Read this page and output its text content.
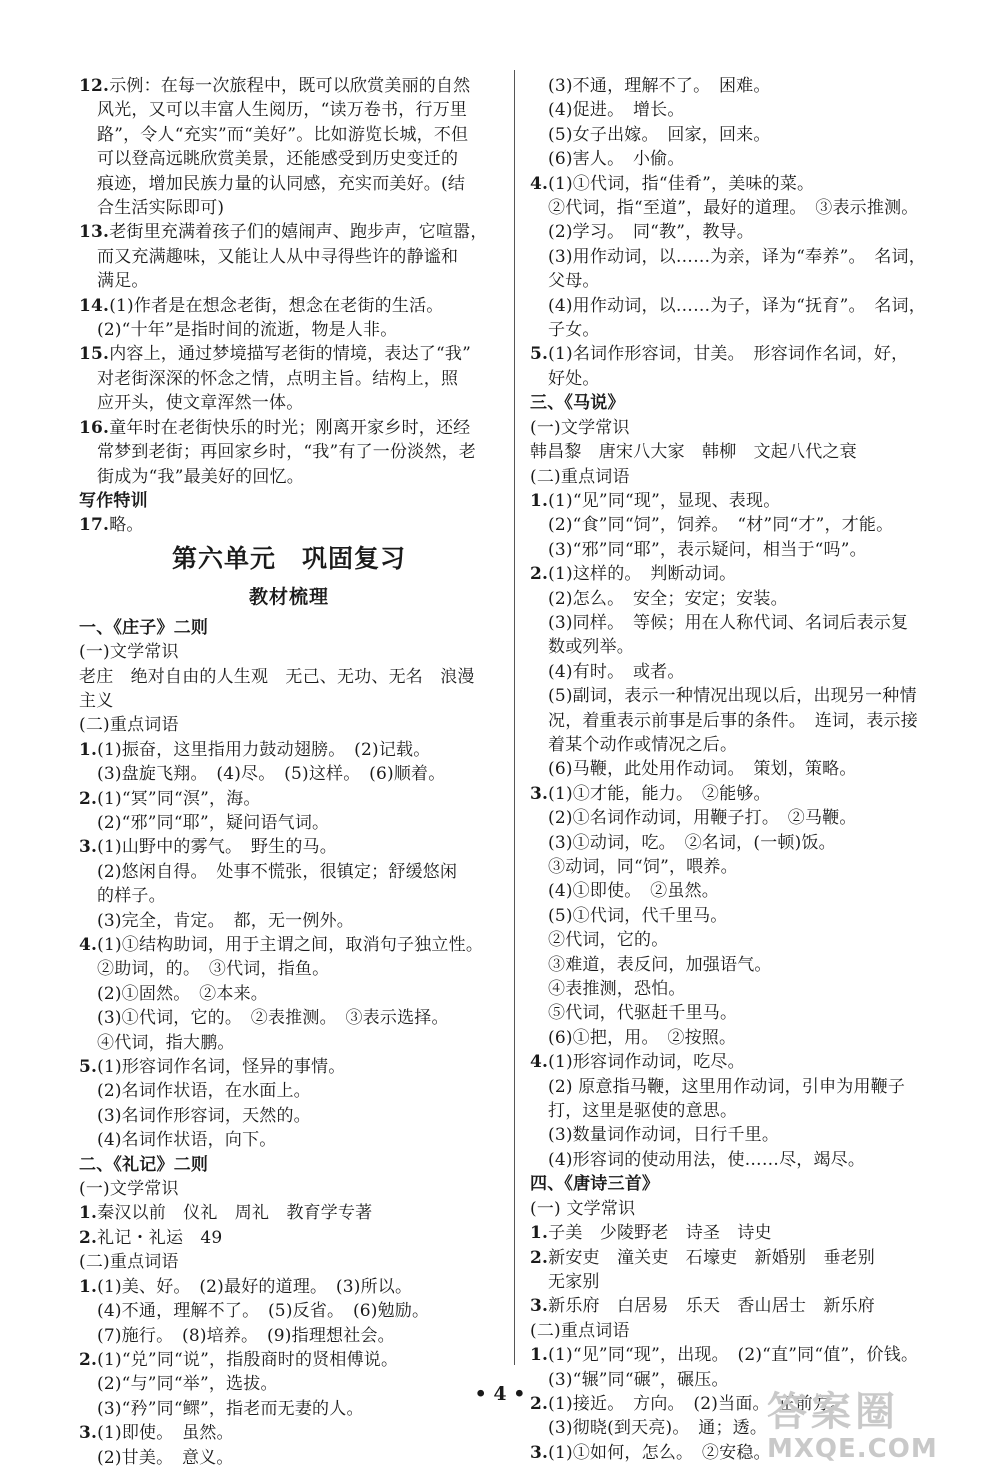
12.示例：在每一次旅程中，既可以欣赏美丽的自然
风光，又可以丰富人生阅历，“读万卷书，行万里
路”，令人“充实”而“美好”。比如游览长城，不但
可以登高远眺欣赏美景，还能感受到历史变迁的
痕迹，增加民族力量的认同感，充实而美好。(结
合生活实际即可)
13.老街里充满着孩子们的嬉闹声、跑步声，它喧嚣，
而又充满趣味，又能让人从中寻得些许的静谧和
满足。
14.(1)作者是在想念老街，想念在老街的生活。
(2)“十年”是指时间的流逝，物是人非。
15.内容上，通过梦境描写老街的情境，表达了“我”
对老街深深的怀念之情，点明主旨。结构上，照
应开头，使文章浑然一体。
16.童年时在老街快乐的时光；刚离开家乡时，还经
常梦到老街；再回家乡时，“我”有了一份淡然，老
街成为“我”最美好的回忆。
写作特训
17.略。
第六单元　巩固复习
教材梳理
一、《庄子》二则
(一)文学常识
老庄　绝对自由的人生观　无己、无功、无名　浪漫
主义
(二)重点词语
1.(1)振奋，这里指用力鼓动翅膀。　(2)记载。
(3)盘旋飞翔。　(4)尽。　(5)这样。　(6)顺着。
2.(1)“冥”同“溟”，海。
(2)“邪”同“耶”，疑问语气词。
3.(1)山野中的雾气。　野生的马。
(2)悠闲自得。　处事不慌张，很镇定；舒缓悠闲
的样子。
(3)完全，肯定。　都，无一例外。
4.(1)①结构助词，用于主谓之间，取消句子独立性。
②助词，的。　③代词，指鱼。
(2)①固然。　②本来。
(3)①代词，它的。　②表推测。　③表示选择。
④代词，指大鹏。
5.(1)形容词作名词，怪异的事情。
(2)名词作状语，在水面上。
(3)名词作形容词，天然的。
(4)名词作状语，向下。
二、《礼记》二则
(一)文学常识
1.秦汉以前　仪礼　周礼　教育学专著
2.礼记・礼运　49
(二)重点词语
1.(1)美、好。　(2)最好的道理。　(3)所以。
(4)不通，理解不了。　(5)反省。　(6)勉励。
(7)施行。　(8)培养。　(9)指理想社会。
2.(1)“兑”同“说”，指殷商时的贤相傅说。
(2)“与”同“举”，选拔。
(3)“矜”同“鳏”，指老而无妻的人。
3.(1)即使。　虽然。
(2)甘美。　意义。
(3)不通，理解不了。　困难。
(4)促进。　增长。
(5)女子出嫁。　回家，回来。
(6)害人。　小偷。
4.(1)①代词，指“佳肴”，美味的菜。
②代词，指“至道”，最好的道理。　③表示推测。
(2)学习。　同“教”，教导。
(3)用作动词，以……为亲，译为“奉养”。　名词，
父母。
(4)用作动词，以……为子，译为“抚育”。　名词，
子女。
5.(1)名词作形容词，甘美。　形容词作名词，好，
好处。
三、《马说》
(一)文学常识
韩昌黎　唐宋八大家　韩柳　文起八代之衰
(二)重点词语
1.(1)“见”同“现”，显现、表现。
(2)“食”同“饲”，饲养。　“材”同“才”，才能。
(3)“邪”同“耶”，表示疑问，相当于“吗”。
2.(1)这样的。　判断动词。
(2)怎么。　安全；安定；安装。
(3)同样。　等候；用在人称代词、名词后表示复
数或列举。
(4)有时。　或者。
(5)副词，表示一种情况出现以后，出现另一种情
况，着重表示前事是后事的条件。　连词，表示接
着某个动作或情况之后。
(6)马鞭，此处用作动词。　策划，策略。
3.(1)①才能，能力。　②能够。
(2)①名词作动词，用鞭子打。　②马鞭。
(3)①动词，吃。　②名词，(一顿)饭。
③动词，同“饲”，喂养。
(4)①即使。　②虽然。
(5)①代词，代千里马。
②代词，它的。
③难道，表反问，加强语气。
④表推测，恐怕。
⑤代词，代驱赶千里马。
(6)①把，用。　②按照。
4.(1)形容词作动词，吃尽。
(2) 原意指马鞭，这里用作动词，引申为用鞭子
打，这里是驱使的意思。
(3)数量词作动词，日行千里。
(4)形容词的使动用法，使……尽，竭尽。
四、《唐诗三首》
(一) 文学常识
1.子美　少陵野老　诗圣　诗史
2.新安吏　潼关吏　石壕吏　新婚别　垂老别
无家别
3.新乐府　白居易　乐天　香山居士　新乐府
(二)重点词语
1.(1)“见”同“现”，出现。　(2)“直”同“值”，价钱。
(3)“辗”同“碾”，碾压。
2.(1)接近。　方向。　(2)当面。　正前方。
(3)彻晓(到天亮)。　通；透。
3.(1)①如何，怎么。　②安稳。
• 4 •	答案圈
MXQE.COM
